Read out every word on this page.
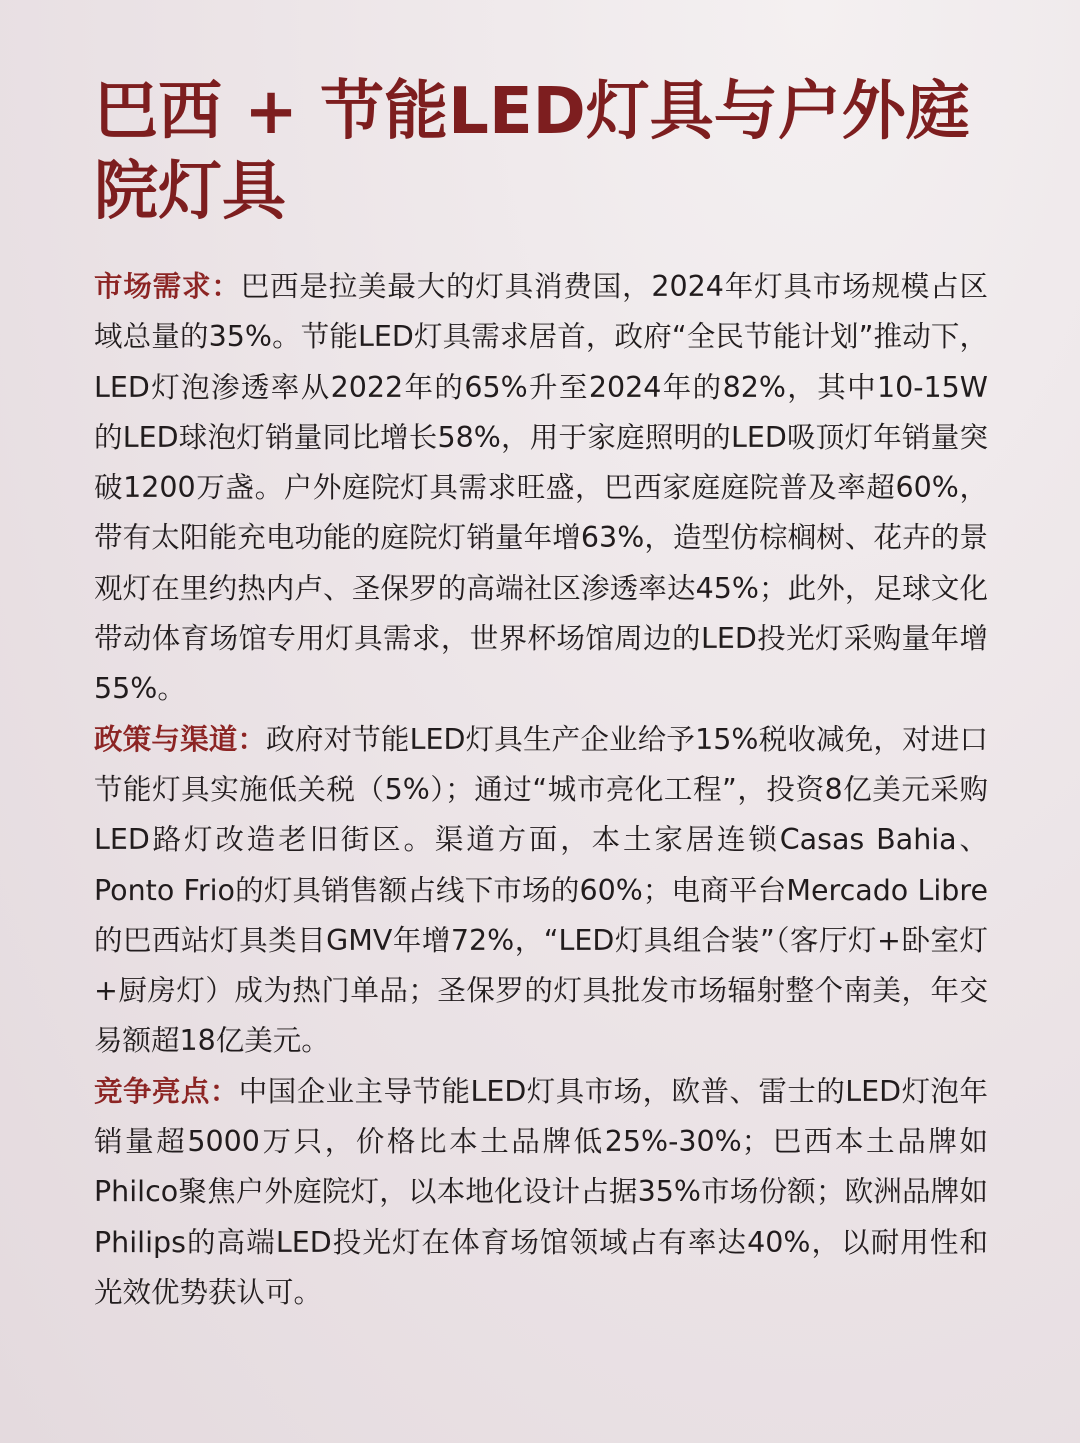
巴西 + 节能LED灯具与户外庭院灯具

市场需求：巴西是拉美最大的灯具消费国，2024年灯具市场规模占区域总量的35%。节能LED灯具需求居首，政府“全民节能计划”推动下，LED灯泡渗透率从2022年的65%升至2024年的82%，其中10-15W的LED球泡灯销量同比增长58%，用于家庭照明的LED吸顶灯年销量突破1200万盏。户外庭院灯具需求旺盛，巴西家庭庭院普及率超60%，带有太阳能充电功能的庭院灯销量年增63%，造型仿棕榈树、花卉的景观灯在里约热内卢、圣保罗的高端社区渗透率达45%；此外，足球文化带动体育场馆专用灯具需求，世界杯场馆周边的LED投光灯采购量年增55%。

政策与渠道：政府对节能LED灯具生产企业给予15%税收减免，对进口节能灯具实施低关税（5%）；通过“城市亮化工程”，投资8亿美元采购LED路灯改造老旧街区。渠道方面，本土家居连锁Casas Bahia、Ponto Frio的灯具销售额占线下市场的60%；电商平台Mercado Libre的巴西站灯具类目GMV年增72%，“LED灯具组合装”（客厅灯+卧室灯+厨房灯）成为热门单品；圣保罗的灯具批发市场辐射整个南美，年交易额超18亿美元。

竞争亮点：中国企业主导节能LED灯具市场，欧普、雷士的LED灯泡年销量超5000万只，价格比本土品牌低25%-30%；巴西本土品牌如Philco聚焦户外庭院灯，以本地化设计占据35%市场份额；欧洲品牌如Philips的高端LED投光灯在体育场馆领域占有率达40%，以耐用性和光效优势获认可。
